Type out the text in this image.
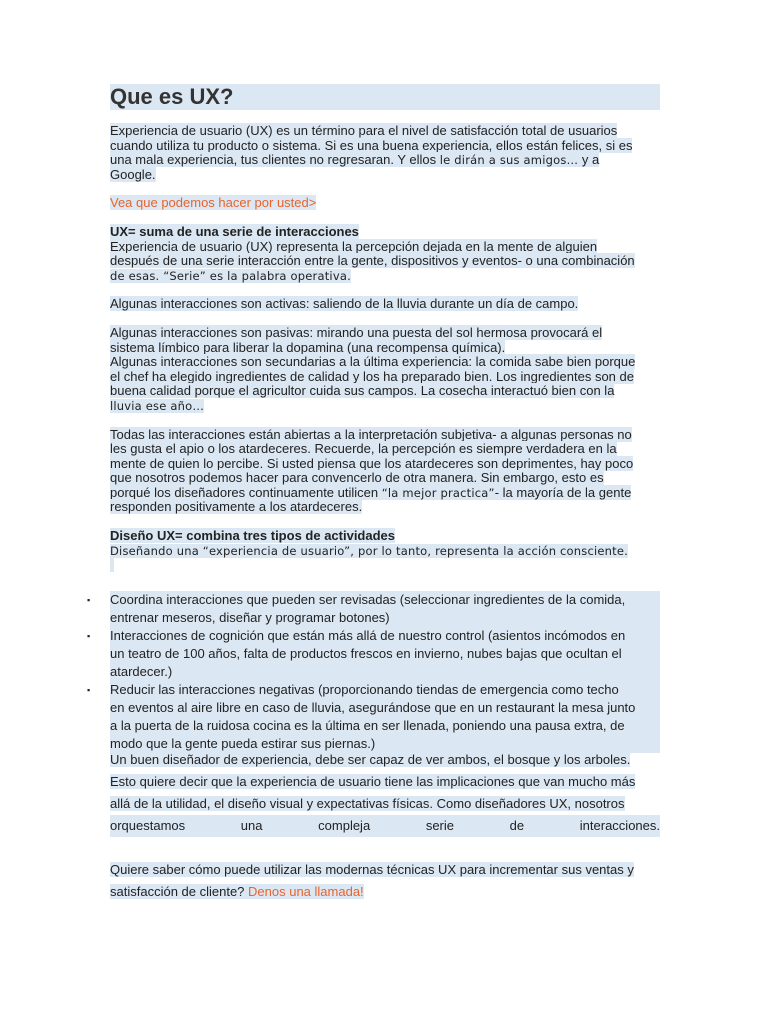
Que es UX?

Experiencia de usuario (UX) es un término para el nivel de satisfacción total de usuarios

cuando utiliza tu producto o sistema. Si es una buena experiencia, ellos están felices, si es

una mala experiencia, tus clientes no regresaran. Y ellos le dirán a sus amigos… y a

Google.

Vea que podemos hacer por usted>

UX= suma de una serie de interacciones

Experiencia de usuario (UX) representa la percepción dejada en la mente de alguien

después de una serie interacción entre la gente, dispositivos y eventos- o una combinación

de esas. “Serie” es la palabra operativa.

Algunas interacciones son activas: saliendo de la lluvia durante un día de campo.

Algunas interacciones son pasivas: mirando una puesta del sol hermosa provocará el

sistema límbico para liberar la dopamina (una recompensa química).

Algunas interacciones son secundarias a la última experiencia: la comida sabe bien porque

el chef ha elegido ingredientes de calidad y los ha preparado bien. Los ingredientes son de

buena calidad porque el agricultor cuida sus campos. La cosecha interactuó bien con la

lluvia ese año…

Todas las interacciones están abiertas a la interpretación subjetiva- a algunas personas no

les gusta el apio o los atardeceres. Recuerde, la percepción es siempre verdadera en la

mente de quien lo percibe. Si usted piensa que los atardeceres son deprimentes, hay poco

que nosotros podemos hacer para convencerlo de otra manera. Sin embargo, esto es

porqué los diseñadores continuamente utilicen “la mejor practica”- la mayoría de la gente

responden positivamente a los atardeceres.

Diseño UX= combina tres tipos de actividades

Diseñando una “experiencia de usuario”, por lo tanto, representa la acción consciente.

▪ Coordina interacciones que pueden ser revisadas (seleccionar ingredientes de la comida,
entrenar meseros, diseñar y programar botones)
▪ Interacciones de cognición que están más allá de nuestro control (asientos incómodos en
un teatro de 100 años, falta de productos frescos en invierno, nubes bajas que ocultan el
atardecer.)
▪ Reducir las interacciones negativas (proporcionando tiendas de emergencia como techo
en eventos al aire libre en caso de lluvia, asegurándose que en un restaurant la mesa junto
a la puerta de la ruidosa cocina es la última en ser llenada, poniendo una pausa extra, de
modo que la gente pueda estirar sus piernas.)

Un buen diseñador de experiencia, debe ser capaz de ver ambos, el bosque y los arboles.

Esto quiere decir que la experiencia de usuario tiene las implicaciones que van mucho más

allá de la utilidad, el diseño visual y expectativas físicas. Como diseñadores UX, nosotros

orquestamos una compleja serie de interacciones.

Quiere saber cómo puede utilizar las modernas técnicas UX para incrementar sus ventas y

satisfacción de cliente? Denos una llamada!
